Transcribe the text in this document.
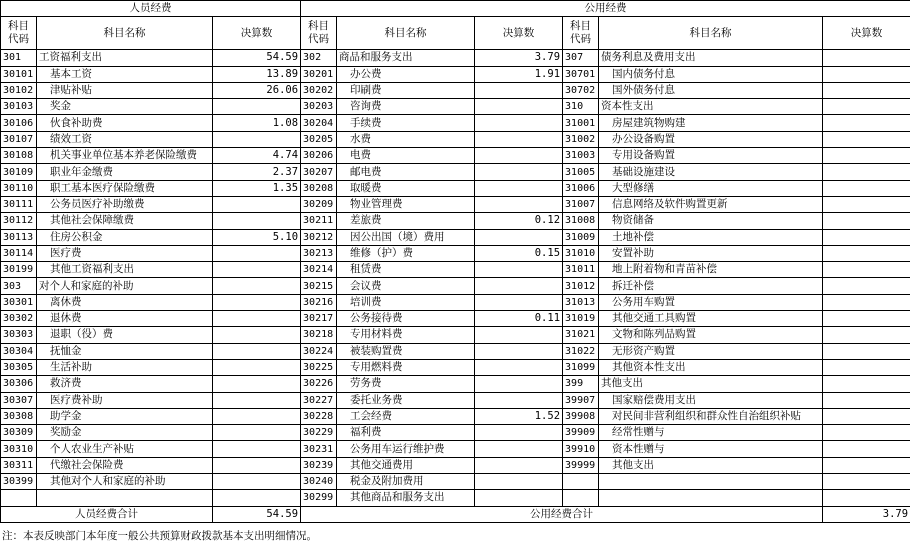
人员经费			公用经费					
科目代码	科目名称	决算数	科目代码	科目名称	决算数	科目代码	科目名称	决算数
301	工资福利支出	54.59	302	商品和服务支出	3.79	307	债务利息及费用支出	
30101	基本工资	13.89	30201	办公费	1.91	30701	国内债务付息	
30102	津贴补贴	26.06	30202	印刷费		30702	国外债务付息	
30103	奖金		30203	咨询费		310	资本性支出	
30106	伙食补助费	1.08	30204	手续费		31001	房屋建筑物购建	
30107	绩效工资		30205	水费		31002	办公设备购置	
30108	机关事业单位基本养老保险缴费	4.74	30206	电费		31003	专用设备购置	
30109	职业年金缴费	2.37	30207	邮电费		31005	基础设施建设	
30110	职工基本医疗保险缴费	1.35	30208	取暖费		31006	大型修缮	
30111	公务员医疗补助缴费		30209	物业管理费		31007	信息网络及软件购置更新	
30112	其他社会保障缴费		30211	差旅费	0.12	31008	物资储备	
30113	住房公积金	5.10	30212	因公出国（境）费用		31009	土地补偿	
30114	医疗费		30213	维修（护）费	0.15	31010	安置补助	
30199	其他工资福利支出		30214	租赁费		31011	地上附着物和青苗补偿	
303	对个人和家庭的补助		30215	会议费		31012	拆迁补偿	
30301	离休费		30216	培训费		31013	公务用车购置	
30302	退休费		30217	公务接待费	0.11	31019	其他交通工具购置	
30303	退职（役）费		30218	专用材料费		31021	文物和陈列品购置	
30304	抚恤金		30224	被装购置费		31022	无形资产购置	
30305	生活补助		30225	专用燃料费		31099	其他资本性支出	
30306	救济费		30226	劳务费		399	其他支出	
30307	医疗费补助		30227	委托业务费		39907	国家赔偿费用支出	
30308	助学金		30228	工会经费	1.52	39908	对民间非营利组织和群众性自治组织补贴	
30309	奖励金		30229	福利费		39909	经常性赠与	
30310	个人农业生产补贴		30231	公务用车运行维护费		39910	资本性赠与	
30311	代缴社会保险费		30239	其他交通费用		39999	其他支出	
30399	其他对个人和家庭的补助		30240	税金及附加费用				
			30299	其他商品和服务支出				
人员经费合计		54.59	公用经费合计					3.79
注：本表反映部门本年度一般公共预算财政拨款基本支出明细情况。
